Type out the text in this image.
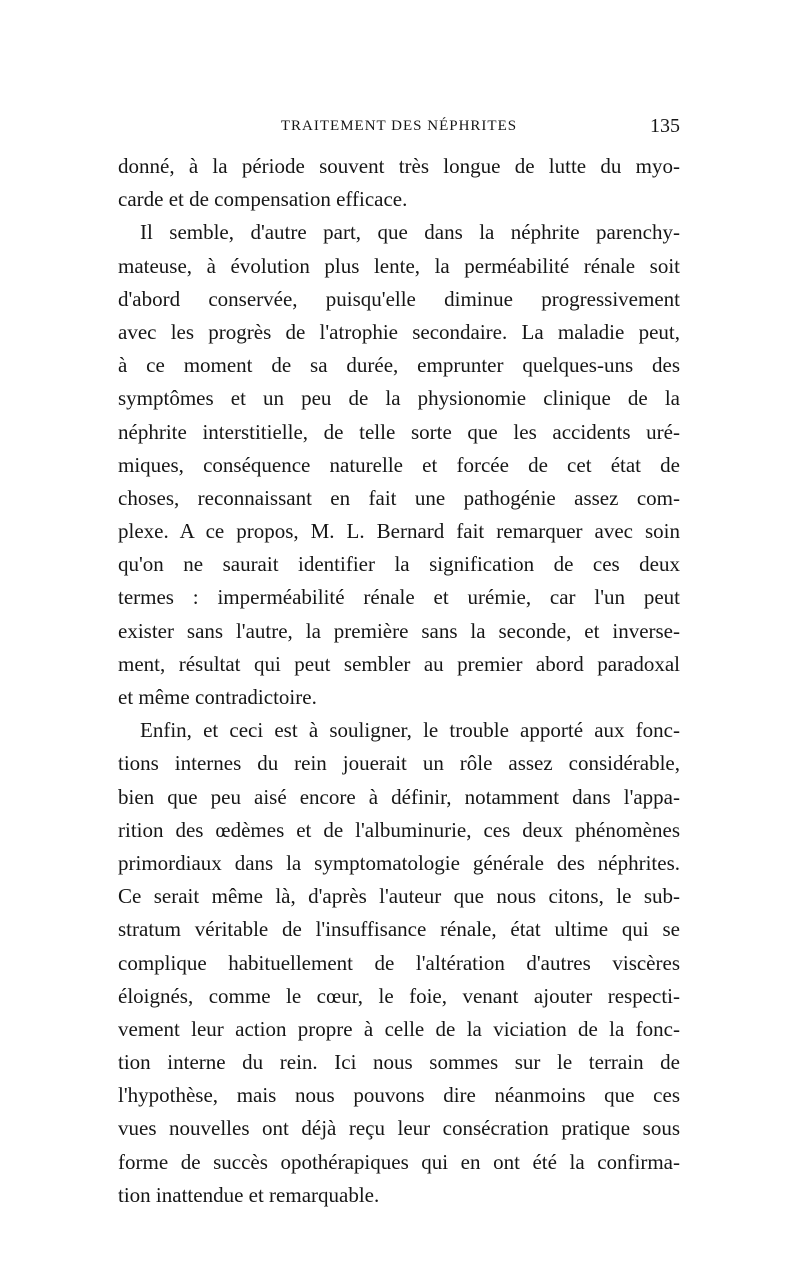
TRAITEMENT DES NÉPHRITES	135
donné, à la période souvent très longue de lutte du myo-
carde et de compensation efficace.
Il semble, d'autre part, que dans la néphrite parenchy-
mateuse, à évolution plus lente, la perméabilité rénale soit
d'abord conservée, puisqu'elle diminue progressivement
avec les progrès de l'atrophie secondaire. La maladie peut,
à ce moment de sa durée, emprunter quelques-uns des
symptômes et un peu de la physionomie clinique de la
néphrite interstitielle, de telle sorte que les accidents uré-
miques, conséquence naturelle et forcée de cet état de
choses, reconnaissant en fait une pathogénie assez com-
plexe. A ce propos, M. L. Bernard fait remarquer avec soin
qu'on ne saurait identifier la signification de ces deux
termes : imperméabilité rénale et urémie, car l'un peut
exister sans l'autre, la première sans la seconde, et inverse-
ment, résultat qui peut sembler au premier abord paradoxal
et même contradictoire.
Enfin, et ceci est à souligner, le trouble apporté aux fonc-
tions internes du rein jouerait un rôle assez considérable,
bien que peu aisé encore à définir, notamment dans l'appa-
rition des œdèmes et de l'albuminurie, ces deux phénomènes
primordiaux dans la symptomatologie générale des néphrites.
Ce serait même là, d'après l'auteur que nous citons, le sub-
stratum véritable de l'insuffisance rénale, état ultime qui se
complique habituellement de l'altération d'autres viscères
éloignés, comme le cœur, le foie, venant ajouter respecti-
vement leur action propre à celle de la viciation de la fonc-
tion interne du rein. Ici nous sommes sur le terrain de
l'hypothèse, mais nous pouvons dire néanmoins que ces
vues nouvelles ont déjà reçu leur consécration pratique sous
forme de succès opothérapiques qui en ont été la confirma-
tion inattendue et remarquable.
